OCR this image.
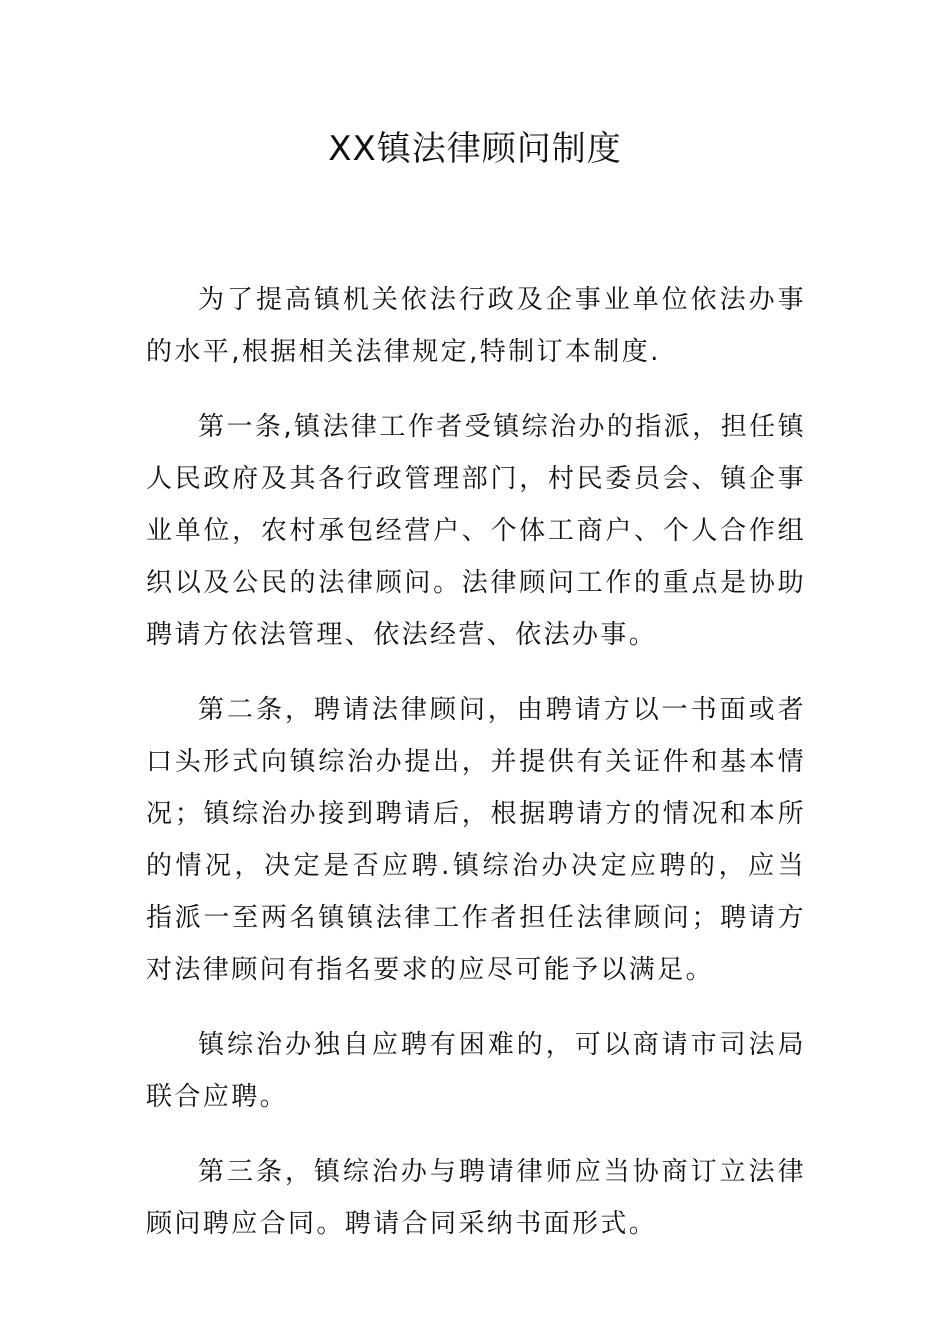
XX镇法律顾问制度

为了提高镇机关依法行政及企事业单位依法办事的水平,根据相关法律规定,特制订本制度.

第一条,镇法律工作者受镇综治办的指派，担任镇人民政府及其各行政管理部门，村民委员会、镇企事业单位，农村承包经营户、个体工商户、个人合作组织以及公民的法律顾问。法律顾问工作的重点是协助聘请方依法管理、依法经营、依法办事。

第二条，聘请法律顾问，由聘请方以一书面或者口头形式向镇综治办提出，并提供有关证件和基本情况；镇综治办接到聘请后，根据聘请方的情况和本所的情况，决定是否应聘.镇综治办决定应聘的，应当指派一至两名镇镇法律工作者担任法律顾问；聘请方对法律顾问有指名要求的应尽可能予以满足。

镇综治办独自应聘有困难的，可以商请市司法局联合应聘。

第三条，镇综治办与聘请律师应当协商订立法律顾问聘应合同。聘请合同采纳书面形式。
